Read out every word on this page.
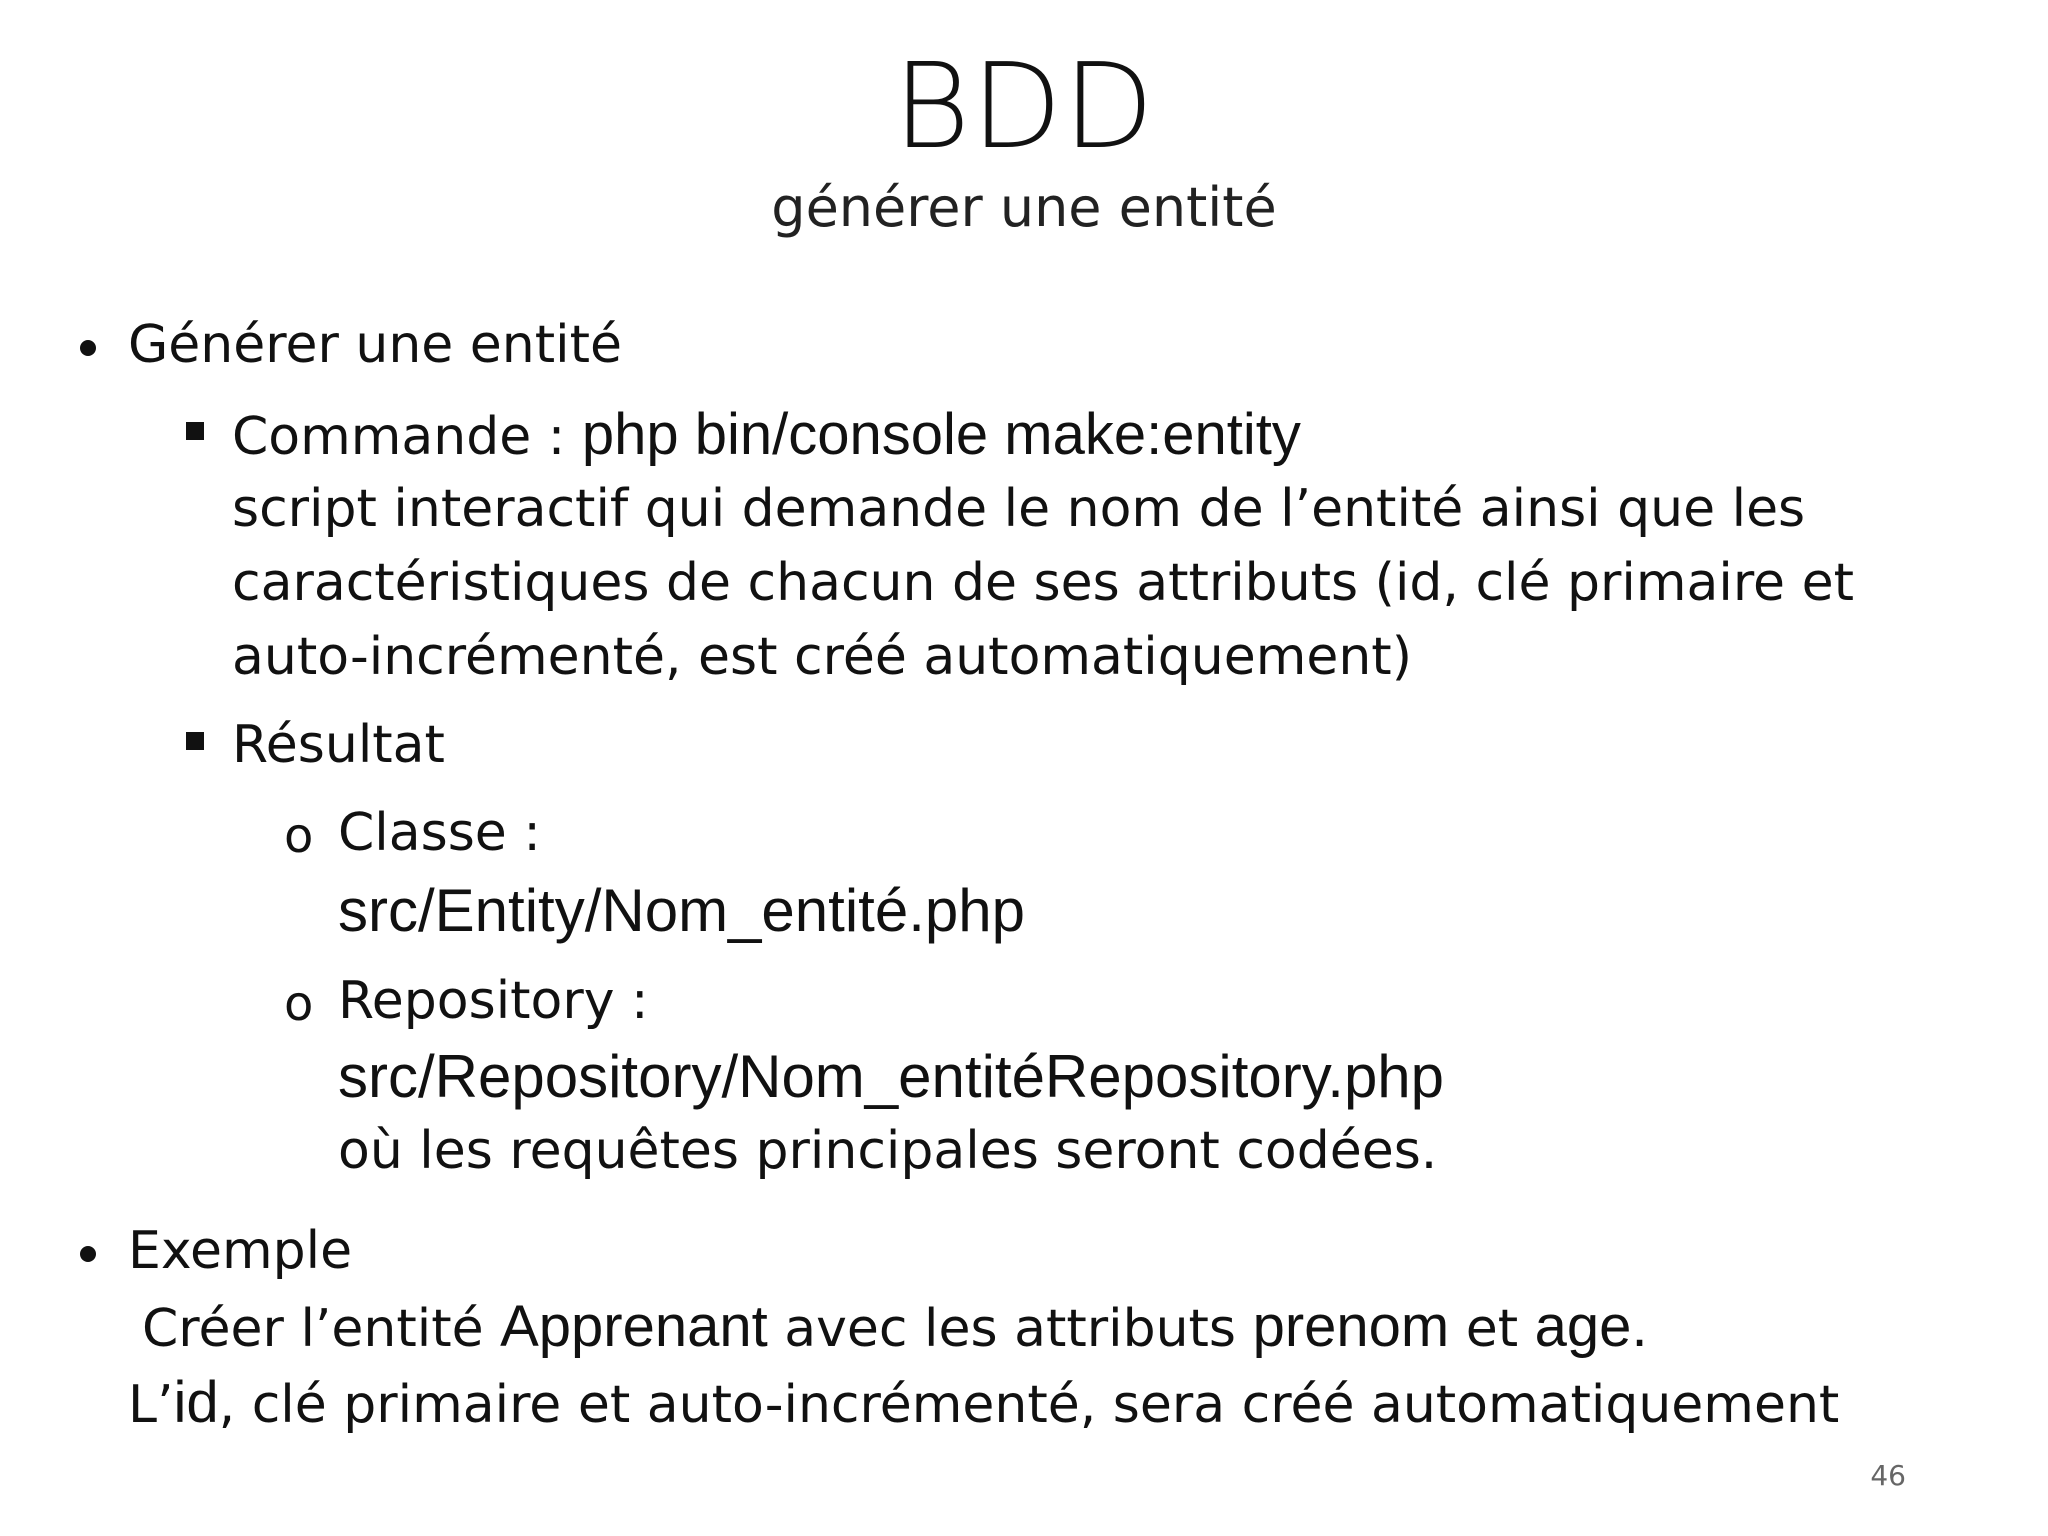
BDD
générer une entité
Générer une entité
Commande : php bin/console make:entity
script interactif qui demande le nom de l’entité ainsi que les
caractéristiques de chacun de ses attributs (id, clé primaire et
auto-incrémenté, est créé automatiquement)
Résultat
o Classe :
src/Entity/Nom_entité.php
o Repository :
src/Repository/Nom_entitéRepository.php
où les requêtes principales seront codées.
Exemple
Créer l’entité Apprenant avec les attributs prenom et age.
L’id, clé primaire et auto-incrémenté, sera créé automatiquement
46
